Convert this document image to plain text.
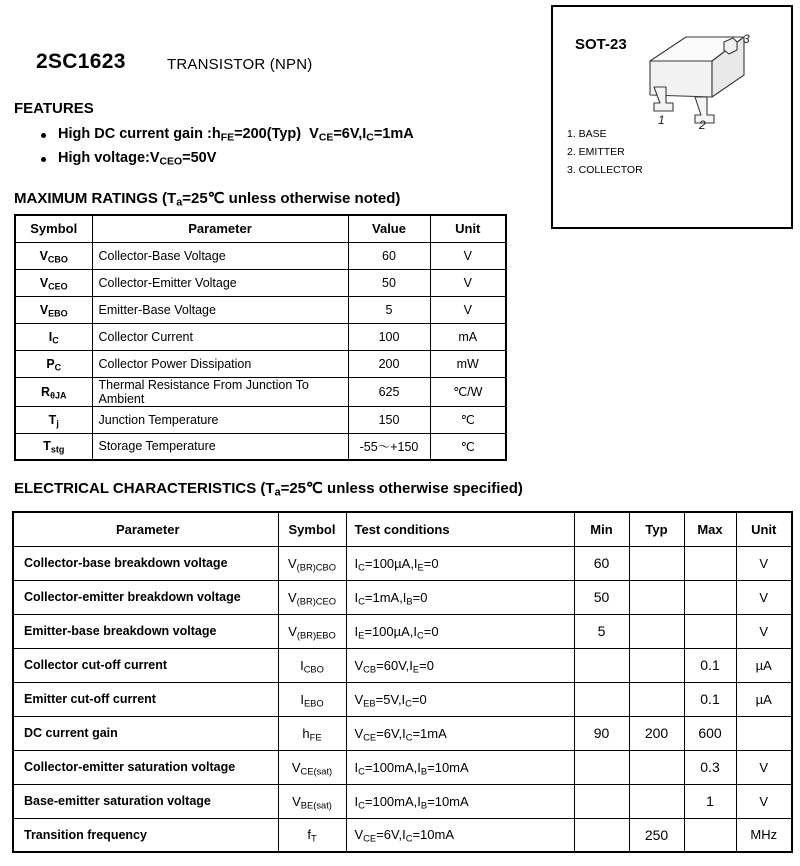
2SC1623	TRANSISTOR (NPN)
SOT-23
1	2
3
1. BASE
2. EMITTER
3. COLLECTOR
FEATURES
High DC current gain $:h_{FE}=200(Typ)$  $V_{CE}=6V,I_C=1mA$
High $voltage:V_{CEO}=50V$
MAXIMUM RATINGS ($T_a=25℃$ unless otherwise noted)
Symbol	Parameter	Value	Unit
$V_{CBO}$	Collector-Base Voltage	60	V
$V_{CEO}$	Collector-Emitter Voltage	50	V
$V_{EBO}$	Emitter-Base Voltage	5	V
$I_C$	Collector Current	100	mA
$P_C$	Collector Power Dissipation	200	mW
$R_{\theta JA}$	Thermal Resistance From Junction To Ambient	625	℃/W
$T_j$	Junction Temperature	150	℃
$T_{stg}$	Storage Temperature	-55～+150	℃
ELECTRICAL CHARACTERISTICS ($T_a=25℃$ unless otherwise specified)
Parameter	Symbol	Test conditions	Min	Typ	Max	Unit
Collector-base breakdown voltage	$V_{(BR)CBO}$	$I_C=100\mu A,I_E=0$	60			V
Collector-emitter breakdown voltage	$V_{(BR)CEO}$	$I_C=1mA,I_B=0$	50			V
Emitter-base breakdown voltage	$V_{(BR)EBO}$	$I_E=100\mu A,I_C=0$	5			V
Collector cut-off current	$I_{CBO}$	$V_{CB}=60V,I_E=0$			0.1	µA
Emitter cut-off current	$I_{EBO}$	$V_{EB}=5V,I_C=0$			0.1	µA
DC current gain	$h_{FE}$	$V_{CE}=6V,I_C=1mA$	90	200	600	
Collector-emitter saturation voltage	$V_{CE(sat)}$	$I_C=100mA,I_B=10mA$			0.3	V
Base-emitter saturation voltage	$V_{BE(sat)}$	$I_C=100mA,I_B=10mA$			1	V
Transition frequency	$f_T$	$V_{CE}=6V,I_C=10mA$		250		MHz
